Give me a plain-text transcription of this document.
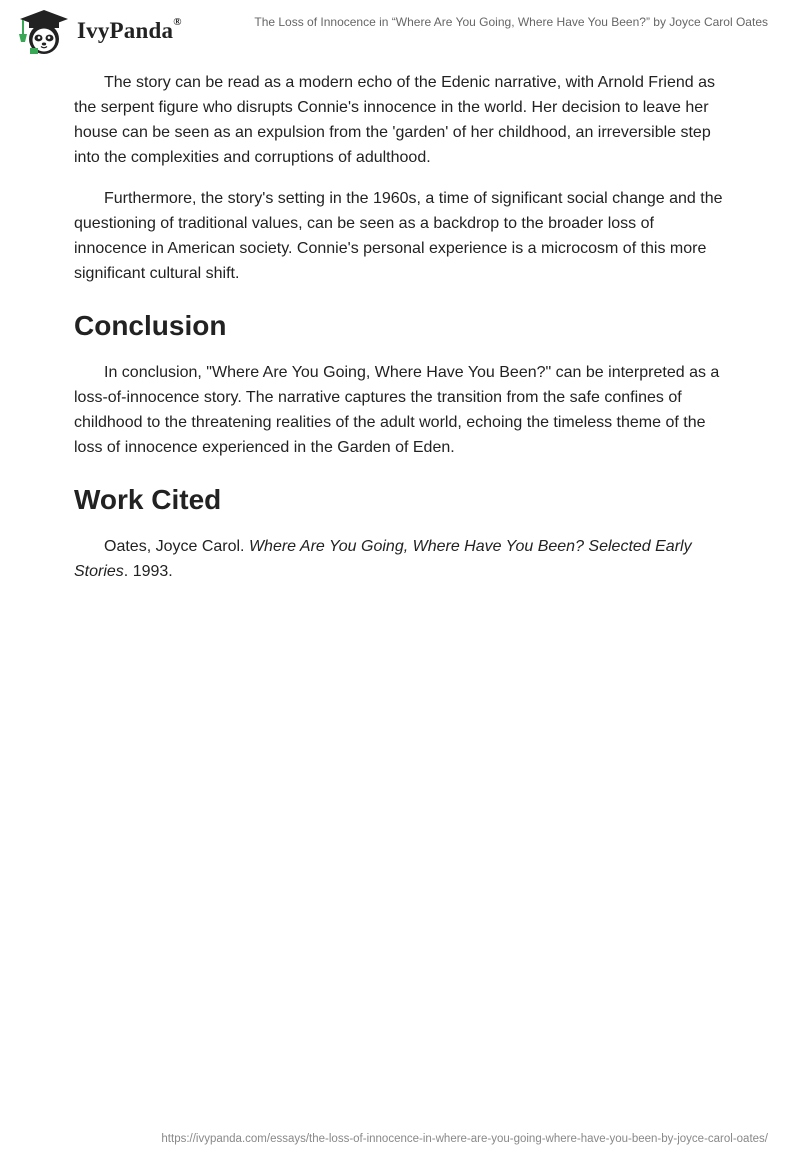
IvyPanda®	The Loss of Innocence in “Where Are You Going, Where Have You Been?” by Joyce Carol Oates

The story can be read as a modern echo of the Edenic narrative, with Arnold Friend as the serpent figure who disrupts Connie's innocence in the world. Her decision to leave her house can be seen as an expulsion from the 'garden' of her childhood, an irreversible step into the complexities and corruptions of adulthood.

Furthermore, the story's setting in the 1960s, a time of significant social change and the questioning of traditional values, can be seen as a backdrop to the broader loss of innocence in American society. Connie's personal experience is a microcosm of this more significant cultural shift.

Conclusion

In conclusion, "Where Are You Going, Where Have You Been?" can be interpreted as a loss-of-innocence story. The narrative captures the transition from the safe confines of childhood to the threatening realities of the adult world, echoing the timeless theme of the loss of innocence experienced in the Garden of Eden.

Work Cited

Oates, Joyce Carol. Where Are You Going, Where Have You Been? Selected Early Stories. 1993.

https://ivypanda.com/essays/the-loss-of-innocence-in-where-are-you-going-where-have-you-been-by-joyce-carol-oates/
